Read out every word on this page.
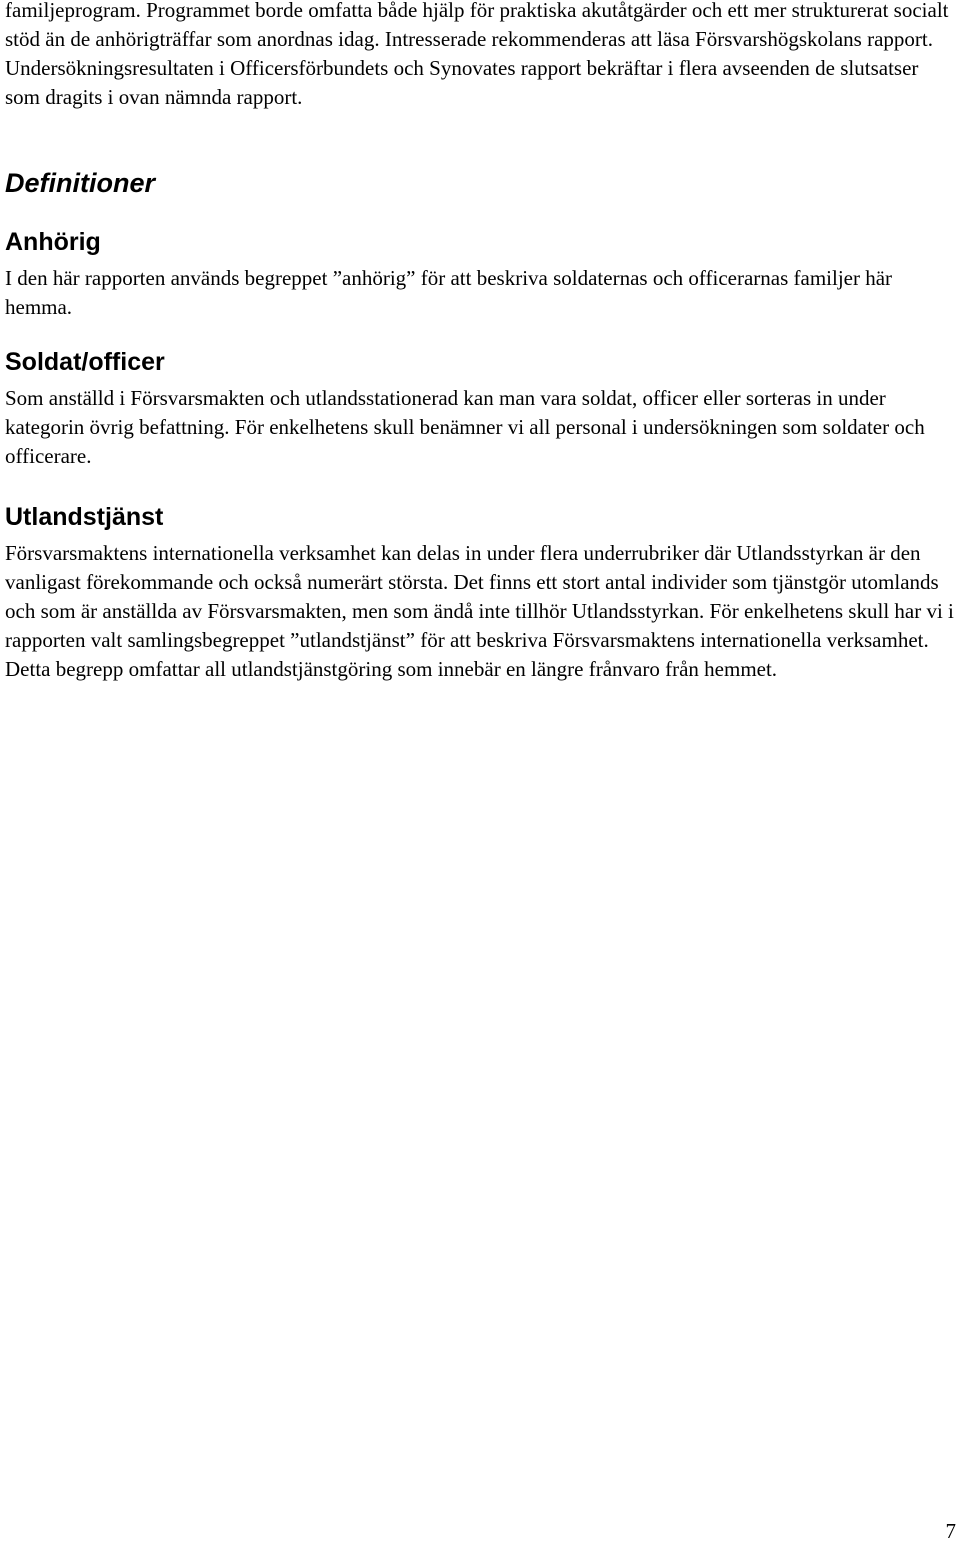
familjeprogram. Programmet borde omfatta både hjälp för praktiska akutåtgärder och ett mer strukturerat socialt stöd än de anhörigträffar som anordnas idag. Intresserade rekommenderas att läsa Försvarshögskolans rapport. Undersökningsresultaten i Officersförbundets och Synovates rapport bekräftar i flera avseenden de slutsatser som dragits i ovan nämnda rapport.

Definitioner
Anhörig

I den här rapporten används begreppet ”anhörig” för att beskriva soldaternas och officerarnas familjer här hemma.

Soldat/officer

Som anställd i Försvarsmakten och utlandsstationerad kan man vara soldat, officer eller sorteras in under kategorin övrig befattning. För enkelhetens skull benämner vi all personal i undersökningen som soldater och officerare.

Utlandstjänst

Försvarsmaktens internationella verksamhet kan delas in under flera underrubriker där Utlandsstyrkan är den vanligast förekommande och också numerärt största. Det finns ett stort antal individer som tjänstgör utomlands och som är anställda av Försvarsmakten, men som ändå inte tillhör Utlandsstyrkan. För enkelhetens skull har vi i rapporten valt samlingsbegreppet ”utlandstjänst” för att beskriva Försvarsmaktens internationella verksamhet. Detta begrepp omfattar all utlandstjänstgöring som innebär en längre frånvaro från hemmet.

7
